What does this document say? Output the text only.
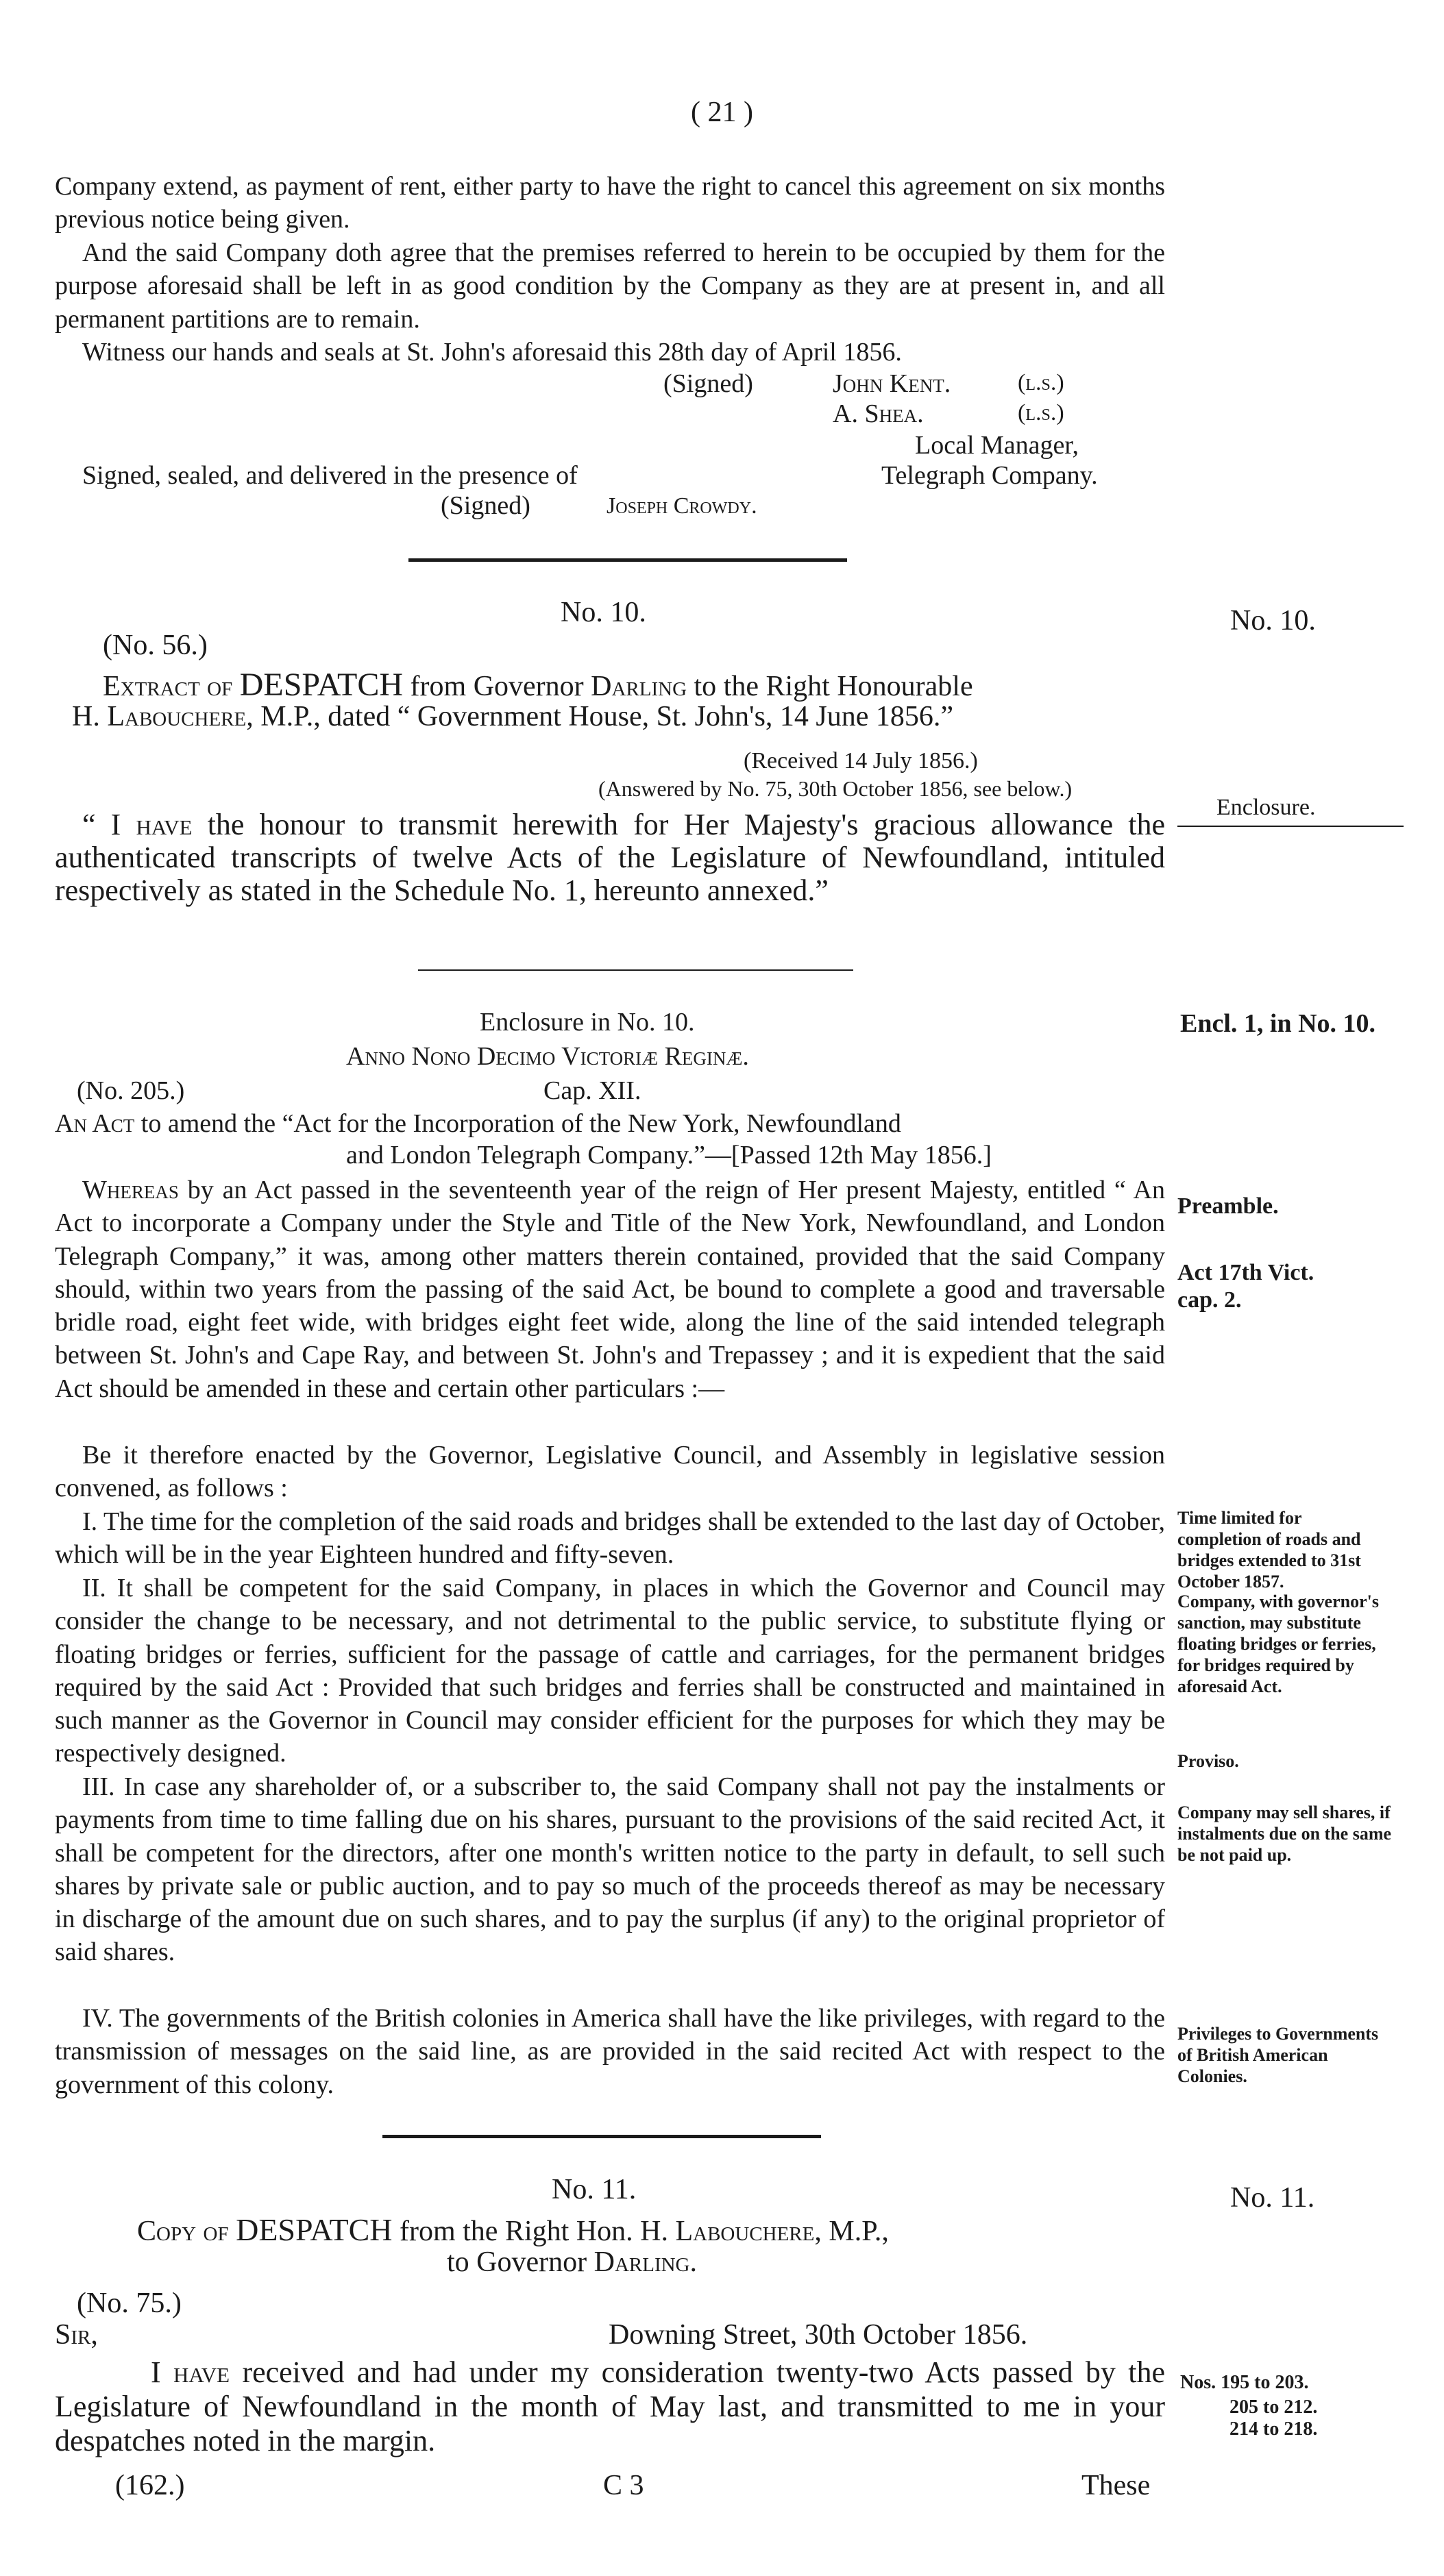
( 21 )

Company extend, as payment of rent, either party to have the right to cancel this agreement on six months previous notice being given.

And the said Company doth agree that the premises referred to herein to be occupied by them for the purpose aforesaid shall be left in as good condition by the Company as they are at present in, and all permanent partitions are to remain.

Witness our hands and seals at St. John's aforesaid this 28th day of April 1856.

(Signed)	John Kent.	(l.s.)
A. Shea.	(l.s.)
Local Manager,
Signed, sealed, and delivered in the presence of	Telegraph Company.
(Signed)	Joseph Crowdy.
No. 10.	No. 10.
(No. 56.)
Extract of DESPATCH from Governor Darling to the Right Honourable
H. Labouchere, M.P., dated “ Government House, St. John's, 14 June 1856.”
(Received 14 July 1856.)
(Answered by No. 75, 30th October 1856, see below.)
Enclosure.

“ I have the honour to transmit herewith for Her Majesty's gracious allowance the authenticated transcripts of twelve Acts of the Legislature of Newfoundland, intituled respectively as stated in the Schedule No. 1, hereunto annexed.”

Enclosure in No. 10.	Encl. 1, in No. 10.
Anno Nono Decimo Victoriæ Reginæ.
(No. 205.)	Cap. XII.
An Act to amend the “Act for the Incorporation of the New York, Newfoundland
and London Telegraph Company.”—[Passed 12th May 1856.]

Whereas by an Act passed in the seventeenth year of the reign of Her present Majesty, entitled “ An Act to incorporate a Company under the Style and Title of the New York, Newfoundland, and London Telegraph Company,” it was, among other matters therein contained, provided that the said Company should, within two years from the passing of the said Act, be bound to complete a good and traversable bridle road, eight feet wide, with bridges eight feet wide, along the line of the said intended telegraph between St. John's and Cape Ray, and between St. John's and Trepassey ; and it is expedient that the said Act should be amended in these and certain other particulars :—

Be it therefore enacted by the Governor, Legislative Council, and Assembly in legislative session convened, as follows :

I. The time for the completion of the said roads and bridges shall be extended to the last day of October, which will be in the year Eighteen hundred and fifty-seven.

II. It shall be competent for the said Company, in places in which the Governor and Council may consider the change to be necessary, and not detrimental to the public service, to substitute flying or floating bridges or ferries, sufficient for the passage of cattle and carriages, for the permanent bridges required by the said Act : Provided that such bridges and ferries shall be constructed and maintained in such manner as the Governor in Council may consider efficient for the purposes for which they may be respectively designed.

III. In case any shareholder of, or a subscriber to, the said Company shall not pay the instalments or payments from time to time falling due on his shares, pursuant to the provisions of the said recited Act, it shall be competent for the directors, after one month's written notice to the party in default, to sell such shares by private sale or public auction, and to pay so much of the proceeds thereof as may be necessary in discharge of the amount due on such shares, and to pay the surplus (if any) to the original proprietor of said shares.

IV. The governments of the British colonies in America shall have the like privileges, with regard to the transmission of messages on the said line, as are provided in the said recited Act with respect to the government of this colony.

Preamble.

Act 17th Vict. cap. 2.

Time limited for completion of roads and bridges extended to 31st October 1857.

Company, with governor's sanction, may substitute floating bridges or ferries, for bridges required by aforesaid Act.

Proviso.

Company may sell shares, if instalments due on the same be not paid up.

Privileges to Governments of British American Colonies.

No. 11.	No. 11.
Copy of DESPATCH from the Right Hon. H. Labouchere, M.P.,
to Governor Darling.
(No. 75.)
Sir,	Downing Street, 30th October 1856.

I have received and had under my consideration twenty-two Acts passed by the Legislature of Newfoundland in the month of May last, and transmitted to me in your despatches noted in the margin.

Nos. 195 to 203.
205 to 212.
214 to 218.
(162.)	C 3	These
